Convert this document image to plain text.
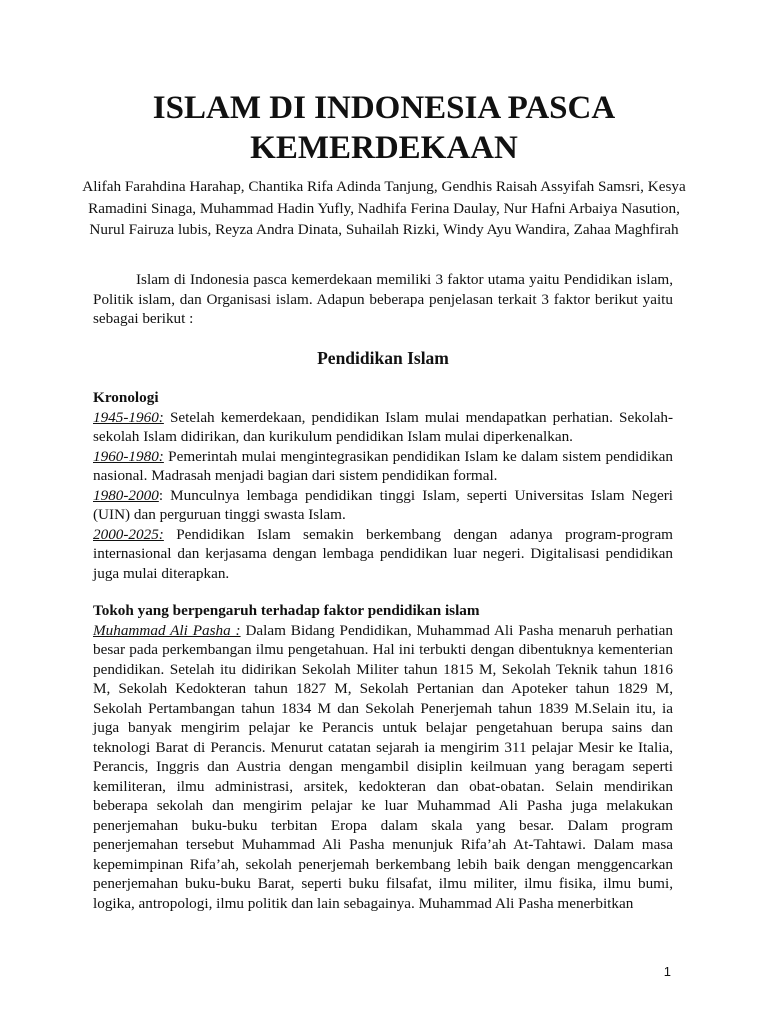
ISLAM DI INDONESIA PASCA
KEMERDEKAAN
Alifah Farahdina Harahap, Chantika Rifa Adinda Tanjung, Gendhis Raisah Assyifah Samsri, Kesya Ramadini Sinaga, Muhammad Hadin Yufly, Nadhifa Ferina Daulay, Nur Hafni Arbaiya Nasution, Nurul Fairuza lubis, Reyza Andra Dinata, Suhailah Rizki, Windy Ayu Wandira, Zahaa Maghfirah
Islam di Indonesia pasca kemerdekaan memiliki 3 faktor utama yaitu Pendidikan islam, Politik islam, dan Organisasi islam. Adapun beberapa penjelasan terkait 3 faktor berikut yaitu sebagai berikut :
Pendidikan Islam
Kronologi
1945-1960: Setelah kemerdekaan, pendidikan Islam mulai mendapatkan perhatian. Sekolah-sekolah Islam didirikan, dan kurikulum pendidikan Islam mulai diperkenalkan.
1960-1980: Pemerintah mulai mengintegrasikan pendidikan Islam ke dalam sistem pendidikan nasional. Madrasah menjadi bagian dari sistem pendidikan formal.
1980-2000: Munculnya lembaga pendidikan tinggi Islam, seperti Universitas Islam Negeri (UIN) dan perguruan tinggi swasta Islam.
2000-2025: Pendidikan Islam semakin berkembang dengan adanya program-program internasional dan kerjasama dengan lembaga pendidikan luar negeri. Digitalisasi pendidikan juga mulai diterapkan.
Tokoh yang berpengaruh terhadap faktor pendidikan islam
Muhammad Ali Pasha : Dalam Bidang Pendidikan, Muhammad Ali Pasha menaruh perhatian besar pada perkembangan ilmu pengetahuan. Hal ini terbukti dengan dibentuknya kementerian pendidikan. Setelah itu didirikan Sekolah Militer tahun 1815 M, Sekolah Teknik tahun 1816 M, Sekolah Kedokteran tahun 1827 M, Sekolah Pertanian dan Apoteker tahun 1829 M, Sekolah Pertambangan tahun 1834 M dan Sekolah Penerjemah tahun 1839 M.Selain itu, ia juga banyak mengirim pelajar ke Perancis untuk belajar pengetahuan berupa sains dan teknologi Barat di Perancis. Menurut catatan sejarah ia mengirim 311 pelajar Mesir ke Italia, Perancis, Inggris dan Austria dengan mengambil disiplin keilmuan yang beragam seperti kemiliteran, ilmu administrasi, arsitek, kedokteran dan obat-obatan. Selain mendirikan beberapa sekolah dan mengirim pelajar ke luar Muhammad Ali Pasha juga melakukan penerjemahan buku-buku terbitan Eropa dalam skala yang besar. Dalam program penerjemahan tersebut Muhammad Ali Pasha menunjuk Rifa’ah At-Tahtawi. Dalam masa kepemimpinan Rifa’ah, sekolah penerjemah berkembang lebih baik dengan menggencarkan penerjemahan buku-buku Barat, seperti buku filsafat, ilmu militer, ilmu fisika, ilmu bumi, logika, antropologi, ilmu politik dan lain sebagainya. Muhammad Ali Pasha menerbitkan
1
